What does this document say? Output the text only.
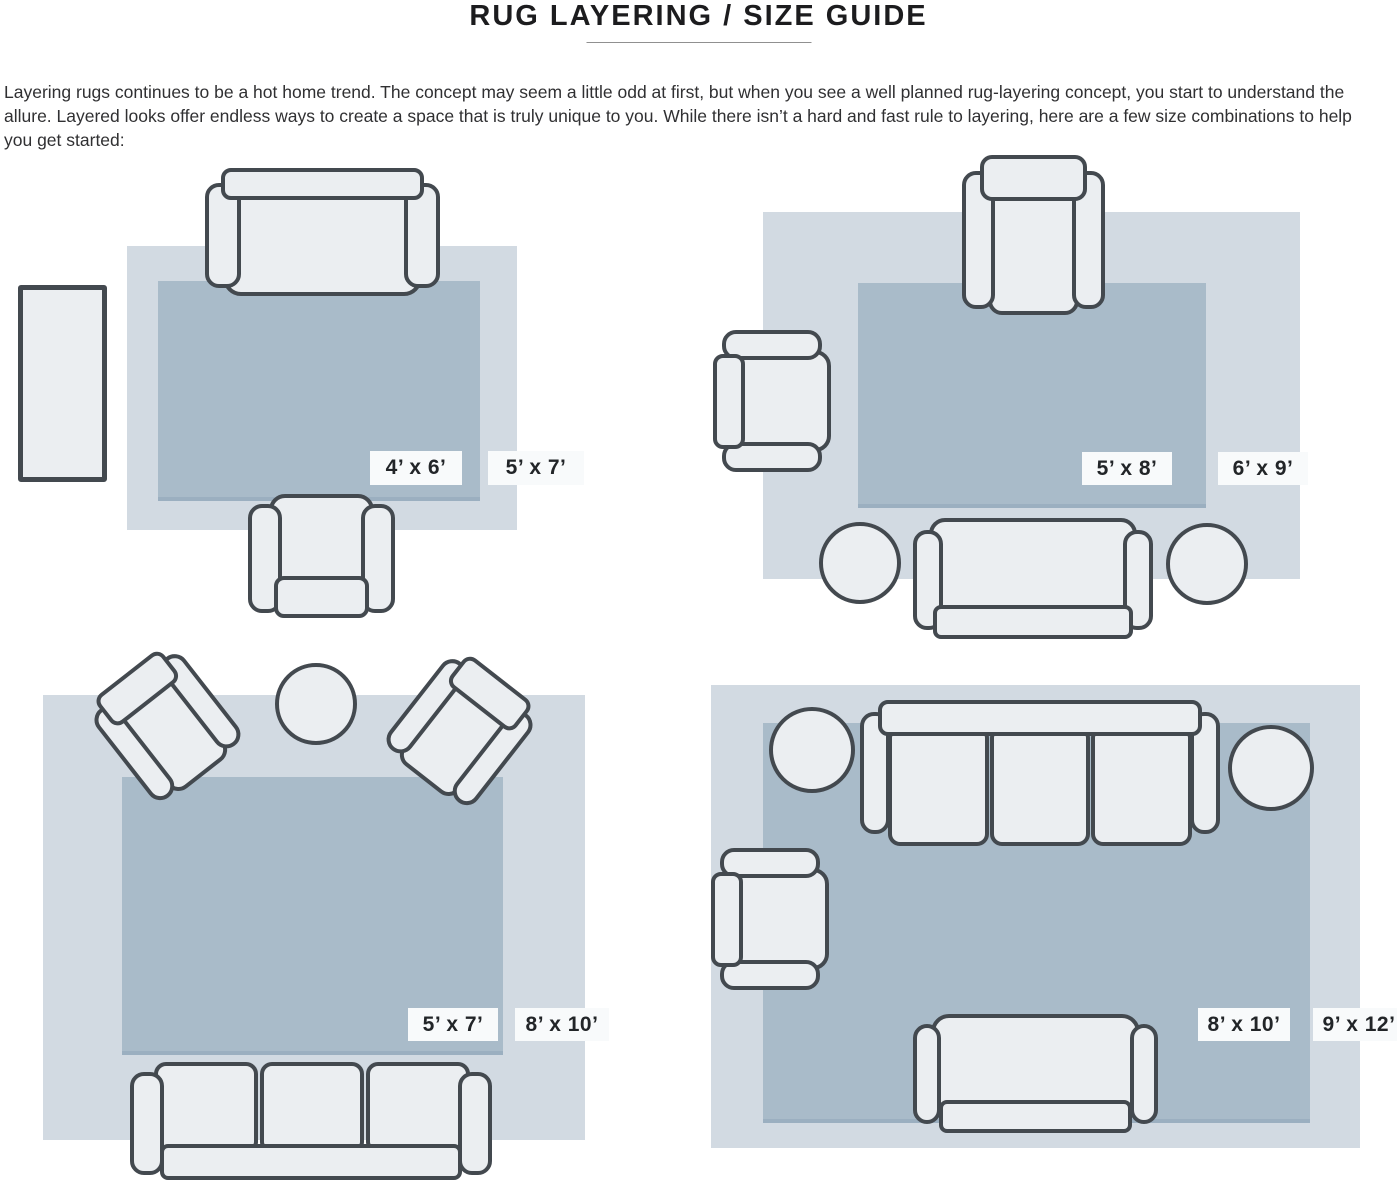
RUG LAYERING / SIZE GUIDE

Layering rugs continues to be a hot home trend. The concept may seem a little odd at first, but when you see a well planned rug-layering concept, you start to understand the allure. Layered looks offer endless ways to create a space that is truly unique to you. While there isn’t a hard and fast rule to layering, here are a few size combinations to help you get started:

4’ x 6’	5’ x 7’	5’ x 8’	6’ x 9’
5’ x 7’	8’ x 10’	8’ x 10’	9’ x 12’
